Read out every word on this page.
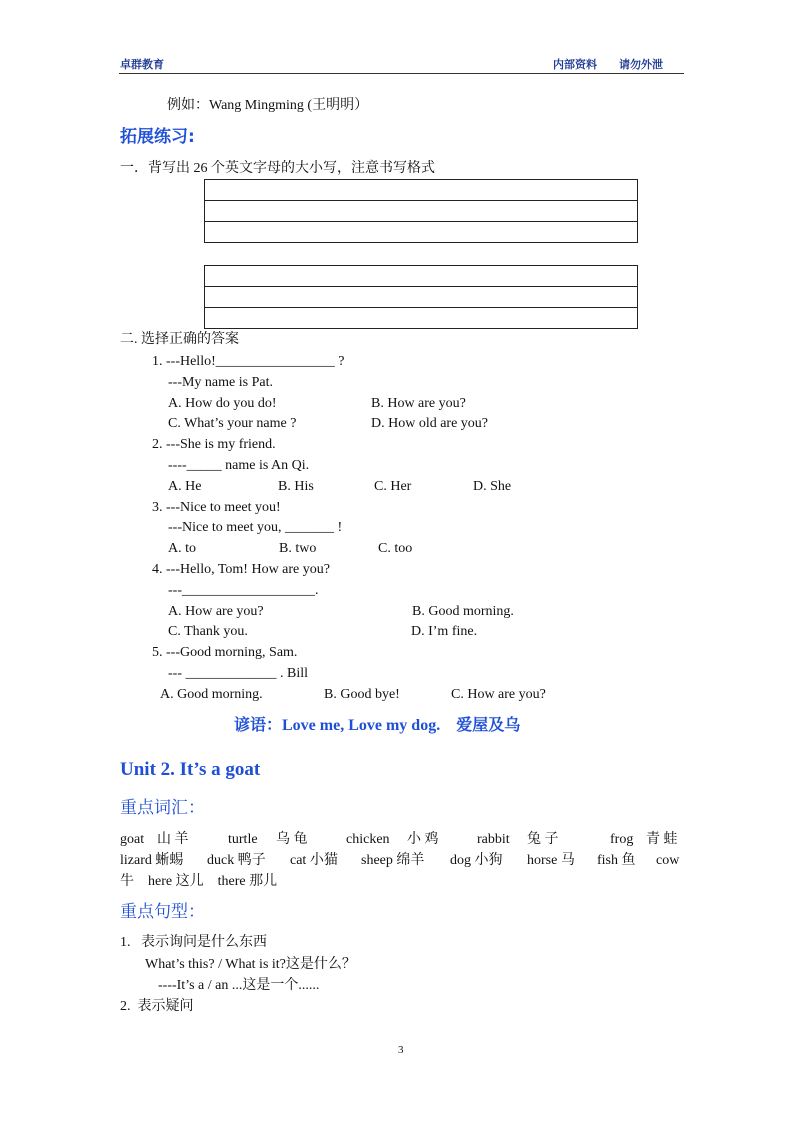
卓群教育	内部资料 请勿外泄
例如：Wang Mingming (王明明）
拓展练习:
一．背写出 26 个英文字母的大小写，注意书写格式
二. 选择正确的答案
1. ---Hello!_________________ ?
---My name is Pat.
A. How do you do!	B. How are you?
C. What’s your name ?	D. How old are you?
2. ---She is my friend.
----_____ name is An Qi.
A. He	B. His	C. Her	D. She
3. ---Nice to meet you!
---Nice to meet you, _______ !
A. to	B. two	C. too
4. ---Hello, Tom! How are you?
---___________________.
A. How are you?	B. Good morning.
C. Thank you.	D. I’m fine.
5. ---Good morning, Sam.
--- _____________ . Bill
A. Good morning.	B. Good bye!	C. How are you?
谚语：Love me, Love my dog.    爱屋及乌
Unit 2. It’s a goat
重点词汇：
goat 山 羊	turtle 乌 龟	chicken 小 鸡	rabbit 兔 子	frog 青 蛙
lizard 蜥蜴 duck 鸭子 cat 小猫 sheep 绵羊 dog 小狗 horse 马 fish 鱼 cow
牛    here 这儿    there 那儿
重点句型：
1.   表示询问是什么东西
What’s this? / What is it?这是什么？
----It’s a / an ...这是一个......
2.  表示疑问
3
